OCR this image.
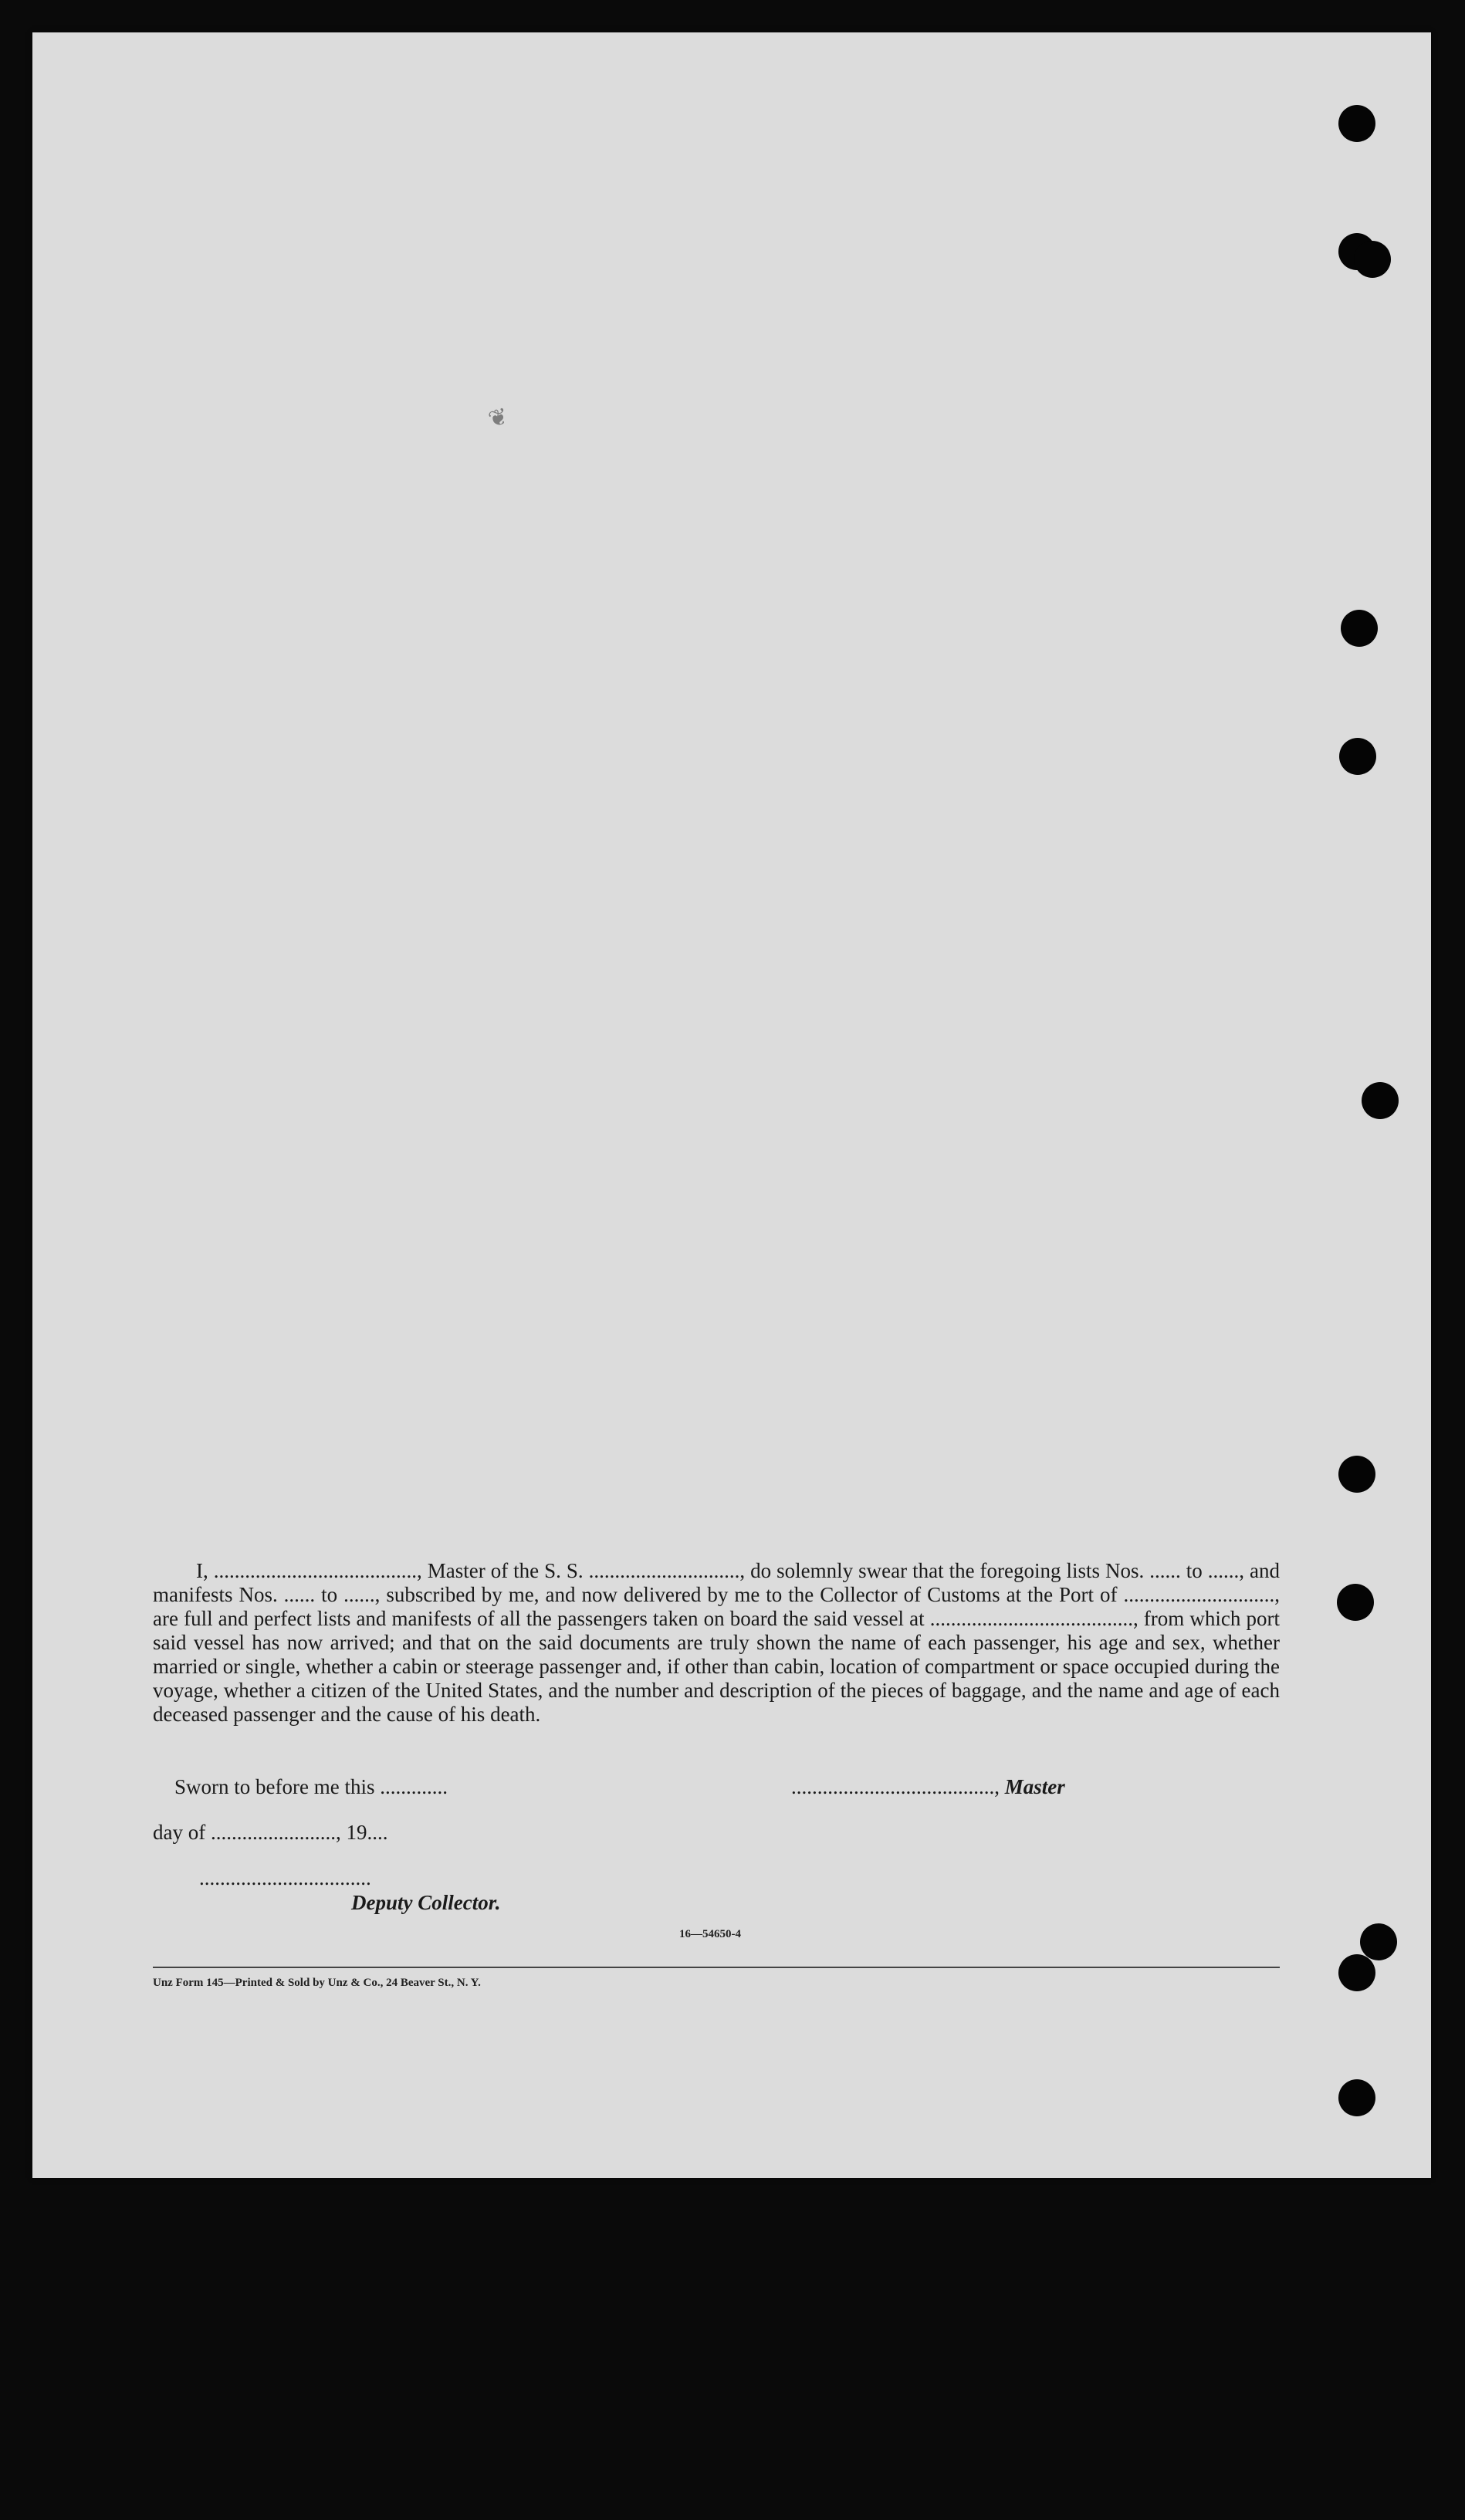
❦
I, ......................................., Master of the S. S. ............................., do solemnly swear that the foregoing lists Nos. ...... to ......, and manifests Nos. ...... to ......, subscribed by me, and now delivered by me to the Collector of Customs at the Port of ............................., are full and perfect lists and manifests of all the passengers taken on board the said vessel at ......................................., from which port said vessel has now arrived; and that on the said documents are truly shown the name of each passenger, his age and sex, whether married or single, whether a cabin or steerage passenger and, if other than cabin, location of compartment or space occupied during the voyage, whether a citizen of the United States, and the number and description of the pieces of baggage, and the name and age of each deceased passenger and the cause of his death.
Sworn to before me this .............	......................................., Master
day of ........................, 19....
.................................
Deputy Collector.
16—54650-4
Unz Form 145—Printed & Sold by Unz & Co., 24 Beaver St., N. Y.
